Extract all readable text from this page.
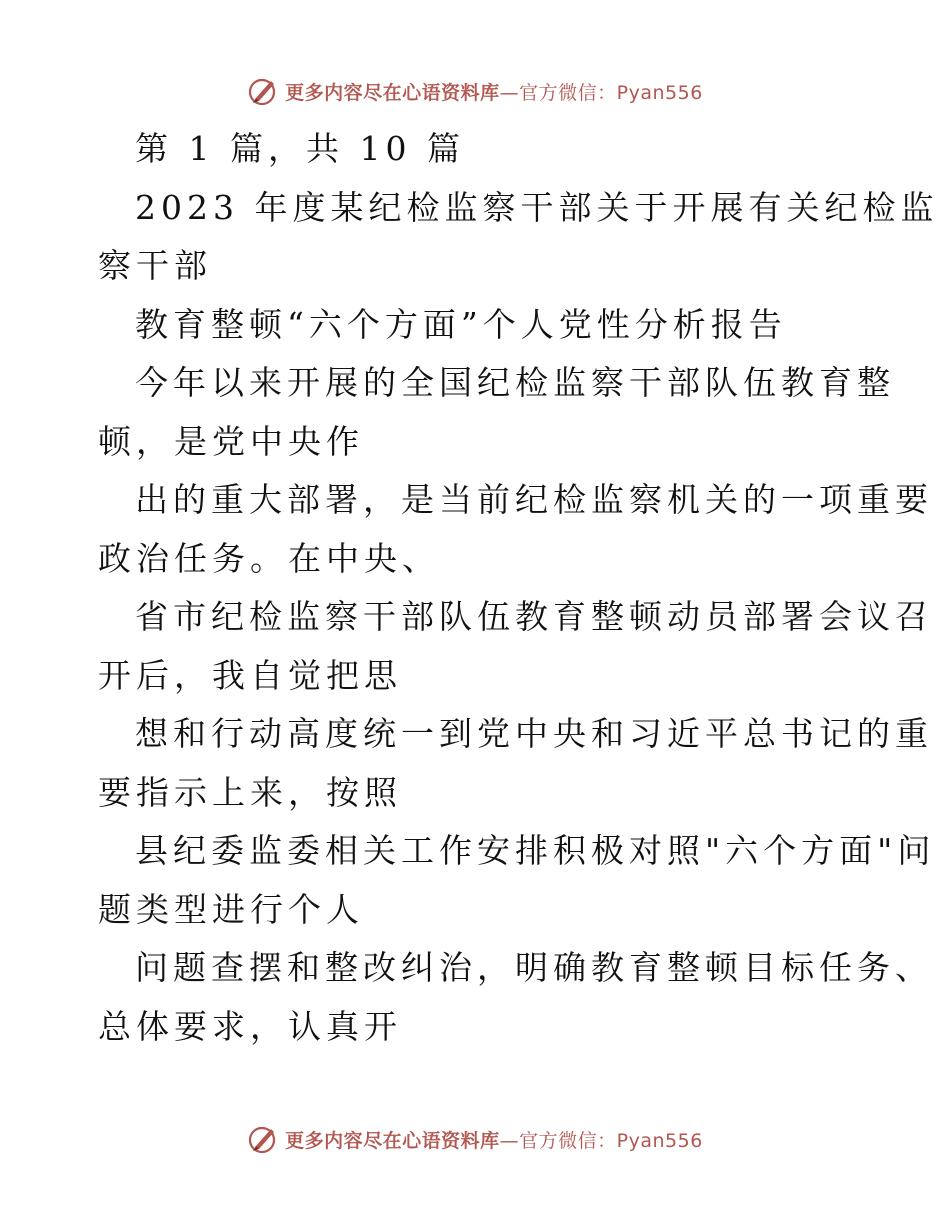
更多内容尽在心语资料库—官方微信：Pyan556
第 1 篇，共 10 篇
2023 年度某纪检监察干部关于开展有关纪检监
察干部
教育整顿“六个方面”个人党性分析报告
今年以来开展的全国纪检监察干部队伍教育整
顿，是党中央作
出的重大部署，是当前纪检监察机关的一项重要
政治任务。在中央、
省市纪检监察干部队伍教育整顿动员部署会议召
开后，我自觉把思
想和行动高度统一到党中央和习近平总书记的重
要指示上来，按照
县纪委监委相关工作安排积极对照"六个方面"问
题类型进行个人
问题查摆和整改纠治，明确教育整顿目标任务、
总体要求，认真开
更多内容尽在心语资料库—官方微信：Pyan556
